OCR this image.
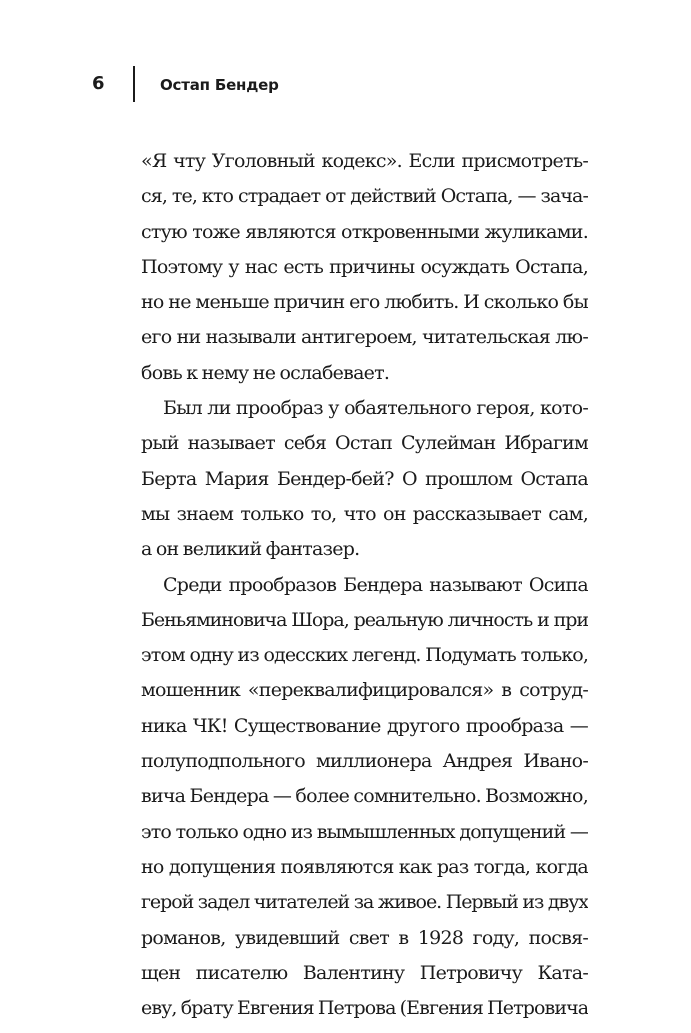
6	Остап Бендер
«Я чту Уголовный кодекс». Если присмотреть-
ся, те, кто страдает от действий Остапа, — зача-
стую тоже являются откровенными жуликами.
Поэтому у нас есть причины осуждать Остапа,
но не меньше причин его любить. И сколько бы
его ни называли антигероем, читательская лю-
бовь к нему не ослабевает.
Был ли прообраз у обаятельного героя, кото-
рый называет себя Остап Сулейман Ибрагим
Берта Мария Бендер-бей? О прошлом Остапа
мы знаем только то, что он рассказывает сам,
а он великий фантазер.
Среди прообразов Бендера называют Осипа
Беньяминовича Шора, реальную личность и при
этом одну из одесских легенд. Подумать только,
мошенник «переквалифицировался» в сотруд-
ника ЧК! Существование другого прообраза —
полуподпольного миллионера Андрея Ивано-
вича Бендера — более сомнительно. Возможно,
это только одно из вымышленных допущений —
но допущения появляются как раз тогда, когда
герой задел читателей за живое. Первый из двух
романов, увидевший свет в 1928 году, посвя-
щен писателю Валентину Петровичу Ката-
еву, брату Евгения Петрова (Евгения Петровича
